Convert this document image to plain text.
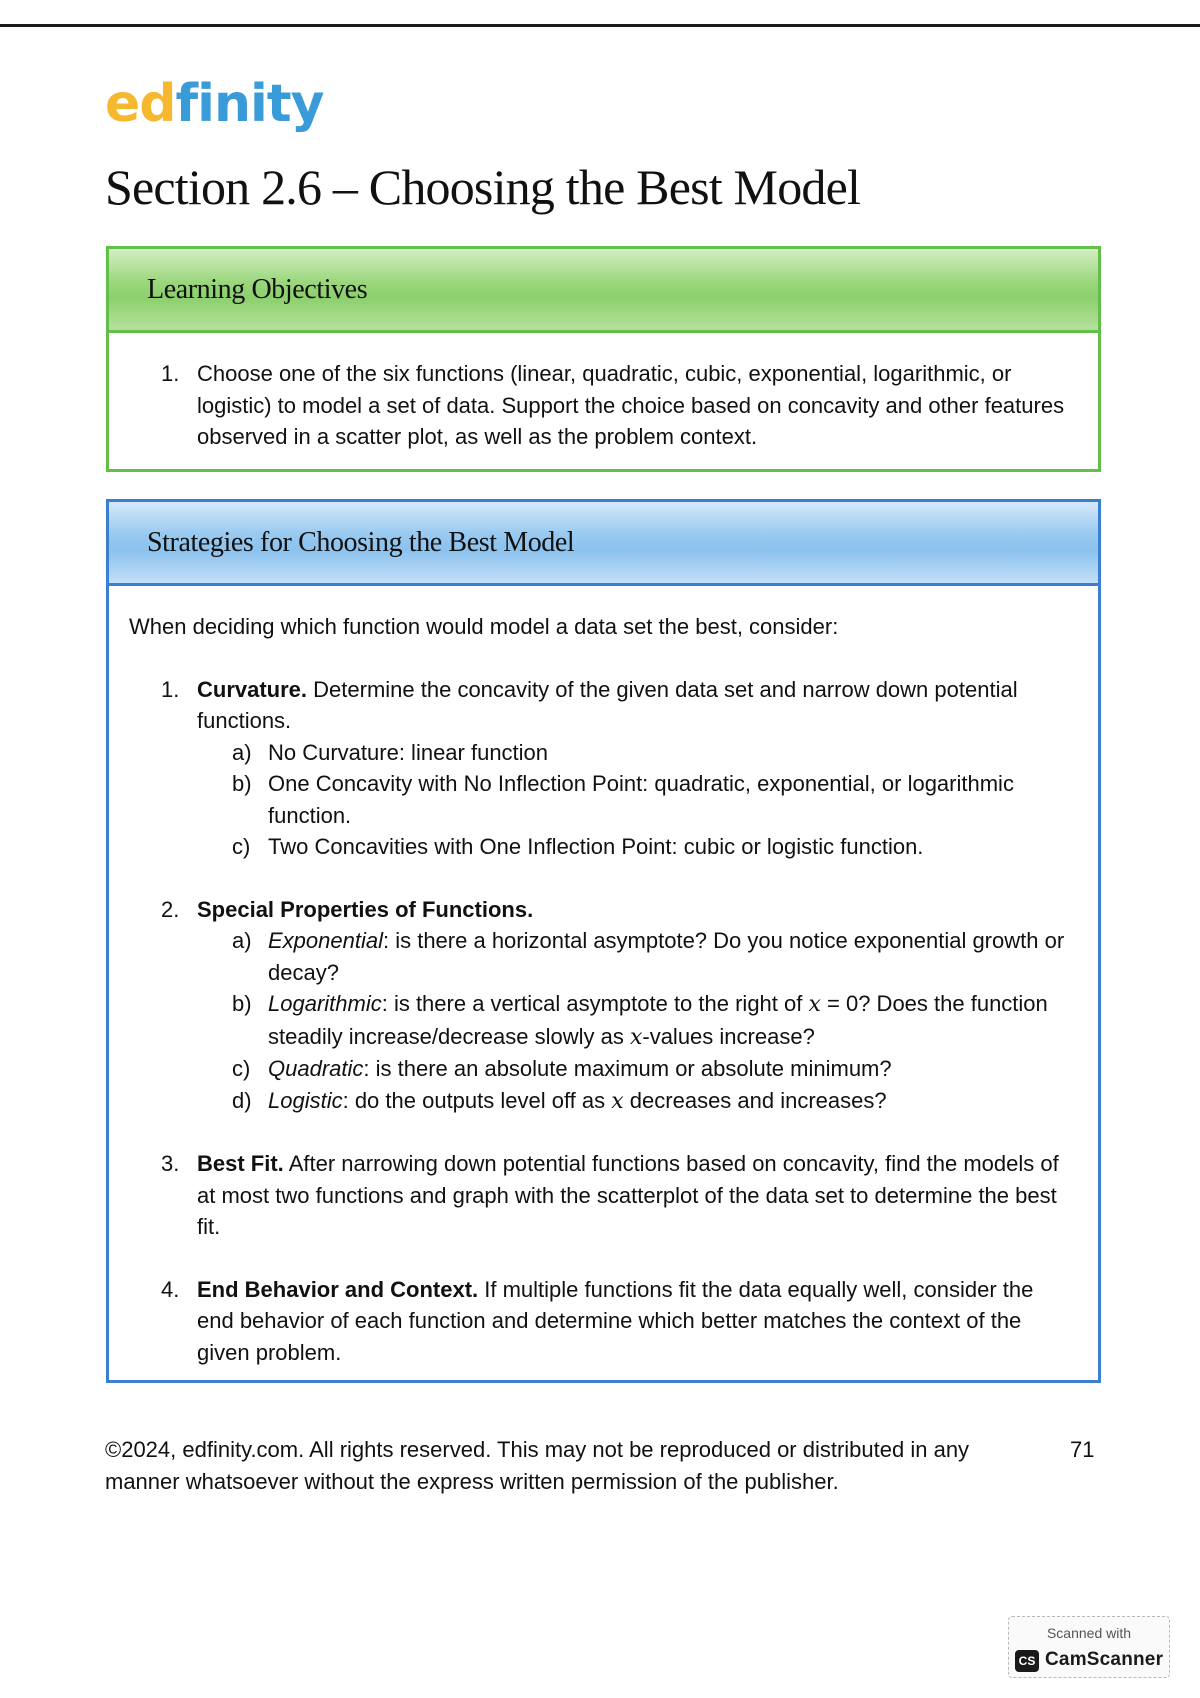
edfinity
Section 2.6 – Choosing the Best Model
Learning Objectives
1. Choose one of the six functions (linear, quadratic, cubic, exponential, logarithmic, or logistic) to model a set of data. Support the choice based on concavity and other features observed in a scatter plot, as well as the problem context.
Strategies for Choosing the Best Model

When deciding which function would model a data set the best, consider:

1. Curvature. Determine the concavity of the given data set and narrow down potential functions.
a) No Curvature: linear function
b) One Concavity with No Inflection Point: quadratic, exponential, or logarithmic function.
c) Two Concavities with One Inflection Point: cubic or logistic function.
2. Special Properties of Functions.
a) Exponential: is there a horizontal asymptote? Do you notice exponential growth or decay?
b) Logarithmic: is there a vertical asymptote to the right of x = 0? Does the function steadily increase/decrease slowly as x-values increase?
c) Quadratic: is there an absolute maximum or absolute minimum?
d) Logistic: do the outputs level off as x decreases and increases?
3. Best Fit. After narrowing down potential functions based on concavity, find the models of at most two functions and graph with the scatterplot of the data set to determine the best fit.
4. End Behavior and Context. If multiple functions fit the data equally well, consider the end behavior of each function and determine which better matches the context of the given problem.

©2024, edfinity.com. All rights reserved. This may not be reproduced or distributed in any manner whatsoever without the express written permission of the publisher.

71
Scanned with
CS CamScanner
